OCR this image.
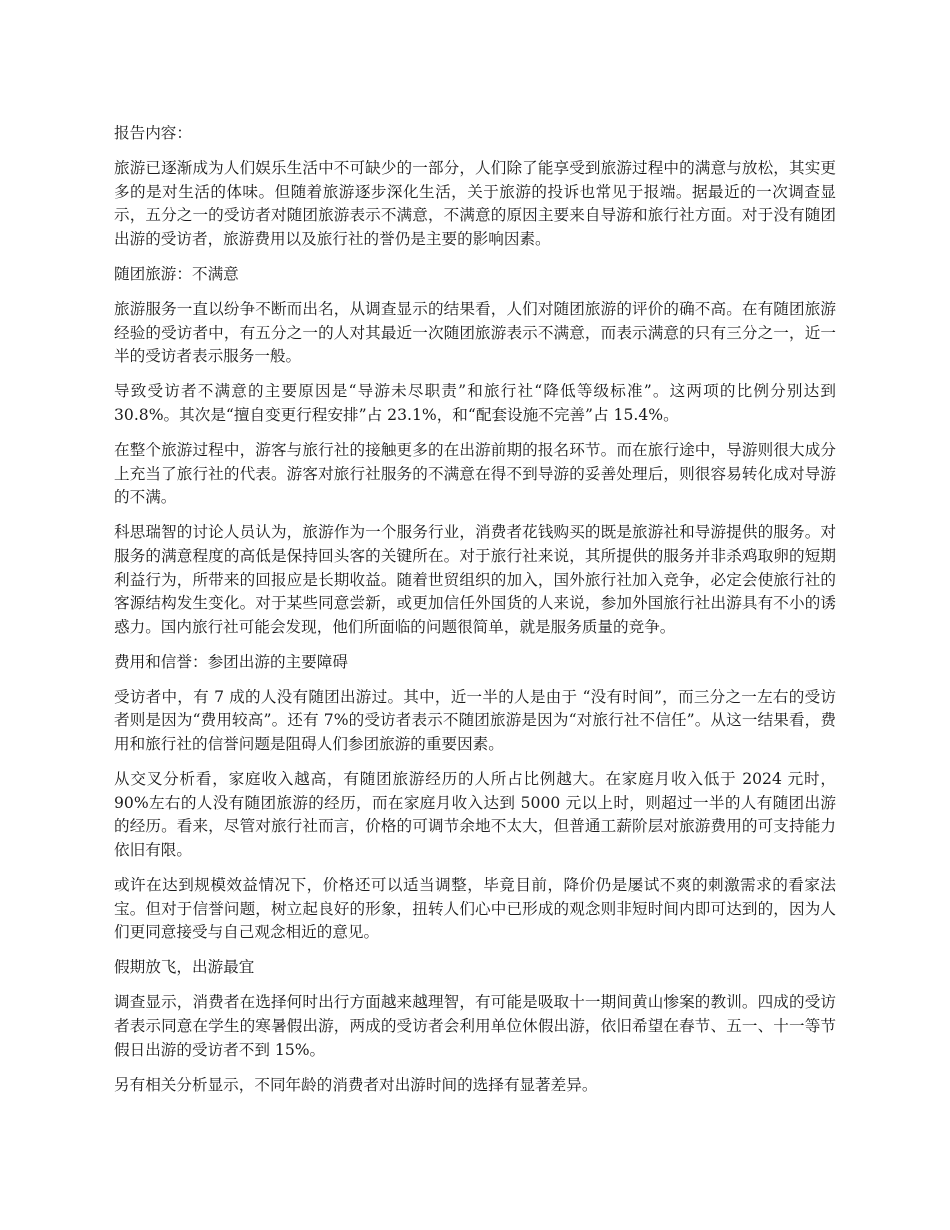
报告内容：

旅游已逐渐成为人们娱乐生活中不可缺少的一部分，人们除了能享受到旅游过程中的满意与放松，其实更多的是对生活的体味。但随着旅游逐步深化生活，关于旅游的投诉也常见于报端。据最近的一次调查显示，五分之一的受访者对随团旅游表示不满意，不满意的原因主要来自导游和旅行社方面。对于没有随团出游的受访者，旅游费用以及旅行社的誉仍是主要的影响因素。

随团旅游：不满意

旅游服务一直以纷争不断而出名，从调查显示的结果看，人们对随团旅游的评价的确不高。在有随团旅游经验的受访者中，有五分之一的人对其最近一次随团旅游表示不满意，而表示满意的只有三分之一，近一半的受访者表示服务一般。

导致受访者不满意的主要原因是“导游未尽职责”和旅行社“降低等级标准”。这两项的比例分别达到 30.8%。其次是“擅自变更行程安排”占 23.1%，和“配套设施不完善”占 15.4%。

在整个旅游过程中，游客与旅行社的接触更多的在出游前期的报名环节。而在旅行途中，导游则很大成分上充当了旅行社的代表。游客对旅行社服务的不满意在得不到导游的妥善处理后，则很容易转化成对导游的不满。

科思瑞智的讨论人员认为，旅游作为一个服务行业，消费者花钱购买的既是旅游社和导游提供的服务。对服务的满意程度的高低是保持回头客的关键所在。对于旅行社来说，其所提供的服务并非杀鸡取卵的短期利益行为，所带来的回报应是长期收益。随着世贸组织的加入，国外旅行社加入竞争，必定会使旅行社的客源结构发生变化。对于某些同意尝新，或更加信任外国货的人来说，参加外国旅行社出游具有不小的诱惑力。国内旅行社可能会发现，他们所面临的问题很简单，就是服务质量的竞争。

费用和信誉：参团出游的主要障碍

受访者中，有 7 成的人没有随团出游过。其中，近一半的人是由于 “没有时间”，而三分之一左右的受访者则是因为“费用较高”。还有 7%的受访者表示不随团旅游是因为“对旅行社不信任”。从这一结果看，费用和旅行社的信誉问题是阻碍人们参团旅游的重要因素。

从交叉分析看，家庭收入越高，有随团旅游经历的人所占比例越大。在家庭月收入低于 2024 元时，90%左右的人没有随团旅游的经历，而在家庭月收入达到 5000 元以上时，则超过一半的人有随团出游的经历。看来，尽管对旅行社而言，价格的可调节余地不太大，但普通工薪阶层对旅游费用的可支持能力依旧有限。

或许在达到规模效益情况下，价格还可以适当调整，毕竟目前，降价仍是屡试不爽的刺激需求的看家法宝。但对于信誉问题，树立起良好的形象，扭转人们心中已形成的观念则非短时间内即可达到的，因为人们更同意接受与自己观念相近的意见。

假期放飞，出游最宜

调查显示，消费者在选择何时出行方面越来越理智，有可能是吸取十一期间黄山惨案的教训。四成的受访者表示同意在学生的寒暑假出游，两成的受访者会利用单位休假出游，依旧希望在春节、五一、十一等节假日出游的受访者不到 15%。

另有相关分析显示，不同年龄的消费者对出游时间的选择有显著差异。
